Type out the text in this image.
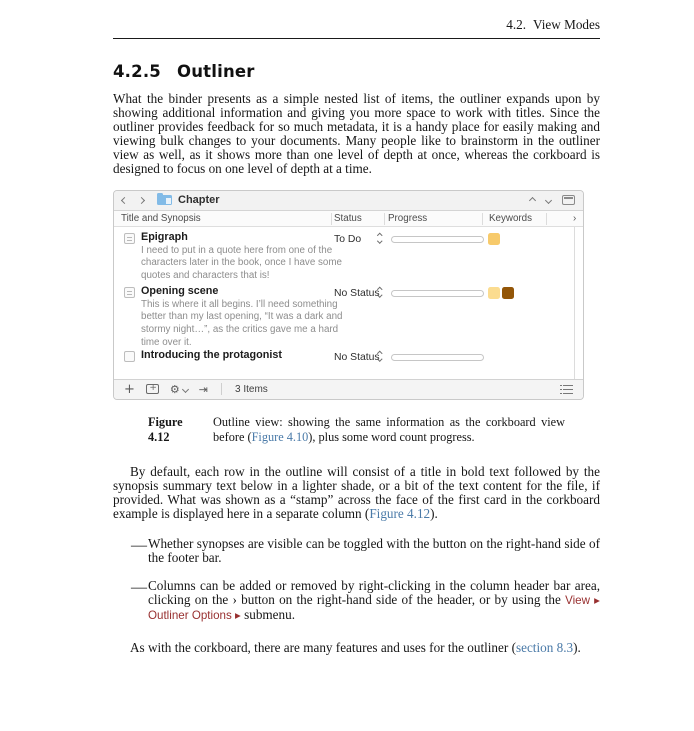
4.2. View Modes
4.2.5 Outliner

What the binder presents as a simple nested list of items, the outliner expands upon by showing additional information and giving you more space to work with titles. Since the outliner provides feedback for so much metadata, it is a handy place for easily making and viewing bulk changes to your documents. Many people like to brainstorm in the outliner view as well, as it shows more than one level of depth at once, whereas the corkboard is designed to focus on one level of depth at a time.

Chapter
Title and Synopsis	Status	Progress	Keywords	›
Epigraph
I need to put in a quote here from one of the characters later in the book, once I have some quotes and characters that is!
To Do
Opening scene
This is where it all begins. I’ll need something better than my last opening, “It was a dark and stormy night…”, as the critics gave me a hard time over it.
No Status
Introducing the protagonist	No Status
+ +	⚙ ⇥	3 Items
Figure 4.12
Outline view: showing the same information as the corkboard view before (Figure 4.10), plus some word count progress.

By default, each row in the outline will consist of a title in bold text followed by the synopsis summary text below in a lighter shade, or a bit of the text content for the file, if provided. What was shown as a “stamp” across the face of the first card in the corkboard example is displayed here in a separate column (Figure 4.12).

— Whether synopses are visible can be toggled with the button on the right-hand side of the footer bar.
— Columns can be added or removed by right-clicking in the column header bar area, clicking on the › button on the right-hand side of the header, or by using the View ▸ Outliner Options ▸ submenu.

As with the corkboard, there are many features and uses for the outliner (section 8.3).
